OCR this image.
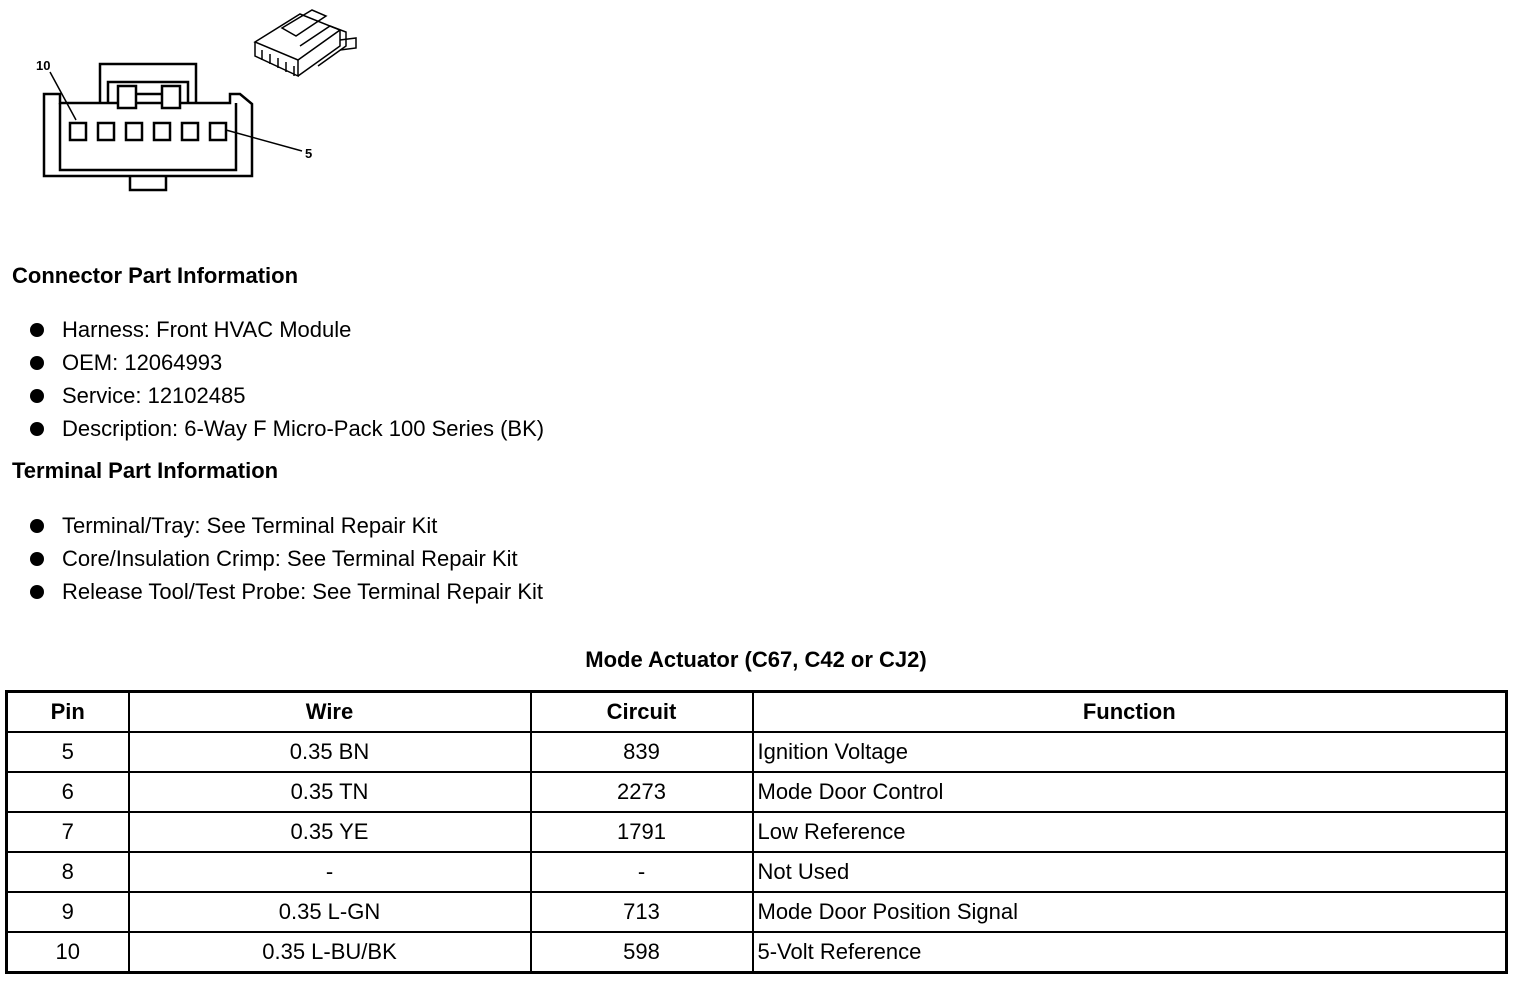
10
5
Connector Part Information
Harness: Front HVAC Module
OEM: 12064993
Service: 12102485
Description: 6-Way F Micro-Pack 100 Series (BK)
Terminal Part Information
Terminal/Tray: See Terminal Repair Kit
Core/Insulation Crimp: See Terminal Repair Kit
Release Tool/Test Probe: See Terminal Repair Kit
Mode Actuator (C67, C42 or CJ2)
Pin	Wire	Circuit	Function
5	0.35 BN	839	Ignition Voltage
6	0.35 TN	2273	Mode Door Control
7	0.35 YE	1791	Low Reference
8	-	-	Not Used
9	0.35 L-GN	713	Mode Door Position Signal
10	0.35 L-BU/BK	598	5-Volt Reference
